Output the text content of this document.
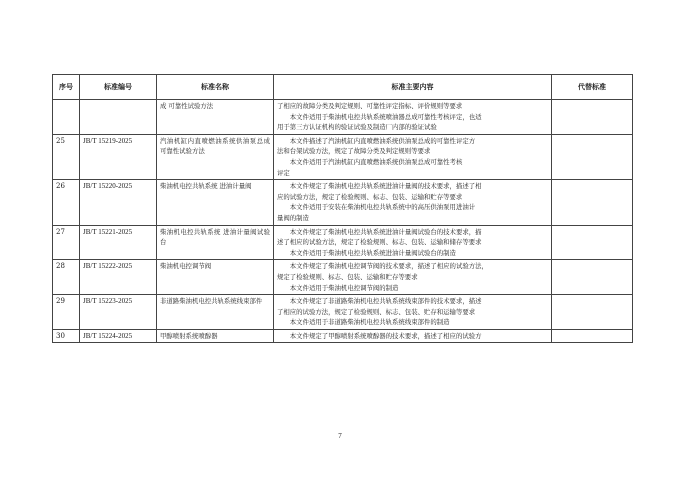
序号	标准编号	标准名称	标准主要内容	代替标准
		成 可靠性试验方法	了相应的故障分类及判定规则、可靠性评定指标、评价规则等要求
本文件适用于柴油机电控共轨系统喷油器总成可靠性考核评定，也适
用于第三方认证机构的验证试验及制造厂内部的验证试验	

25	JB/T 15219-2025	汽油机缸内直喷燃油系统供油泵总成 可靠性试验方法	本文件描述了汽油机缸内直喷燃油系统供油泵总成的可靠性评定方
法和台架试验方法，规定了故障分类及判定规则等要求
本文件适用于汽油机缸内直喷燃油系统供油泵总成可靠性考核
评定	

26	JB/T 15220-2025	柴油机电控共轨系统 进油计量阀	本文件规定了柴油机电控共轨系统进油计量阀的技术要求，描述了相
应的试验方法，规定了检验规则、标志、包装、运输和贮存等要求
本文件适用于安装在柴油机电控共轨系统中的高压供油泵用进油计
量阀的制造	

27	JB/T 15221-2025	柴油机电控共轨系统 进油计量阀试验台	本文件规定了柴油机电控共轨系统进油计量阀试验台的技术要求，描
述了相应的试验方法，规定了检验规则、标志、包装、运输和储存等要求
本文件适用于柴油机电控共轨系统进油计量阀试验台的制造	

28	JB/T 15222-2025	柴油机电控调节阀	本文件规定了柴油机电控调节阀的技术要求，描述了相应的试验方法，
规定了检验规则、标志、包装、运输和贮存等要求
本文件适用于柴油机电控调节阀的制造	

29	JB/T 15223-2025	非道路柴油机电控共轨系统线束部件	本文件规定了非道路柴油机电控共轨系统线束部件的技术要求，描述
了相应的试验方法，规定了检验规则、标志、包装、贮存和运输等要求
本文件适用于非道路柴油机电控共轨系统线束部件的制造	

30	JB/T 15224-2025	甲醇喷射系统喷醇器	本文件规定了甲醇喷射系统喷醇器的技术要求，描述了相应的试验方	

7
